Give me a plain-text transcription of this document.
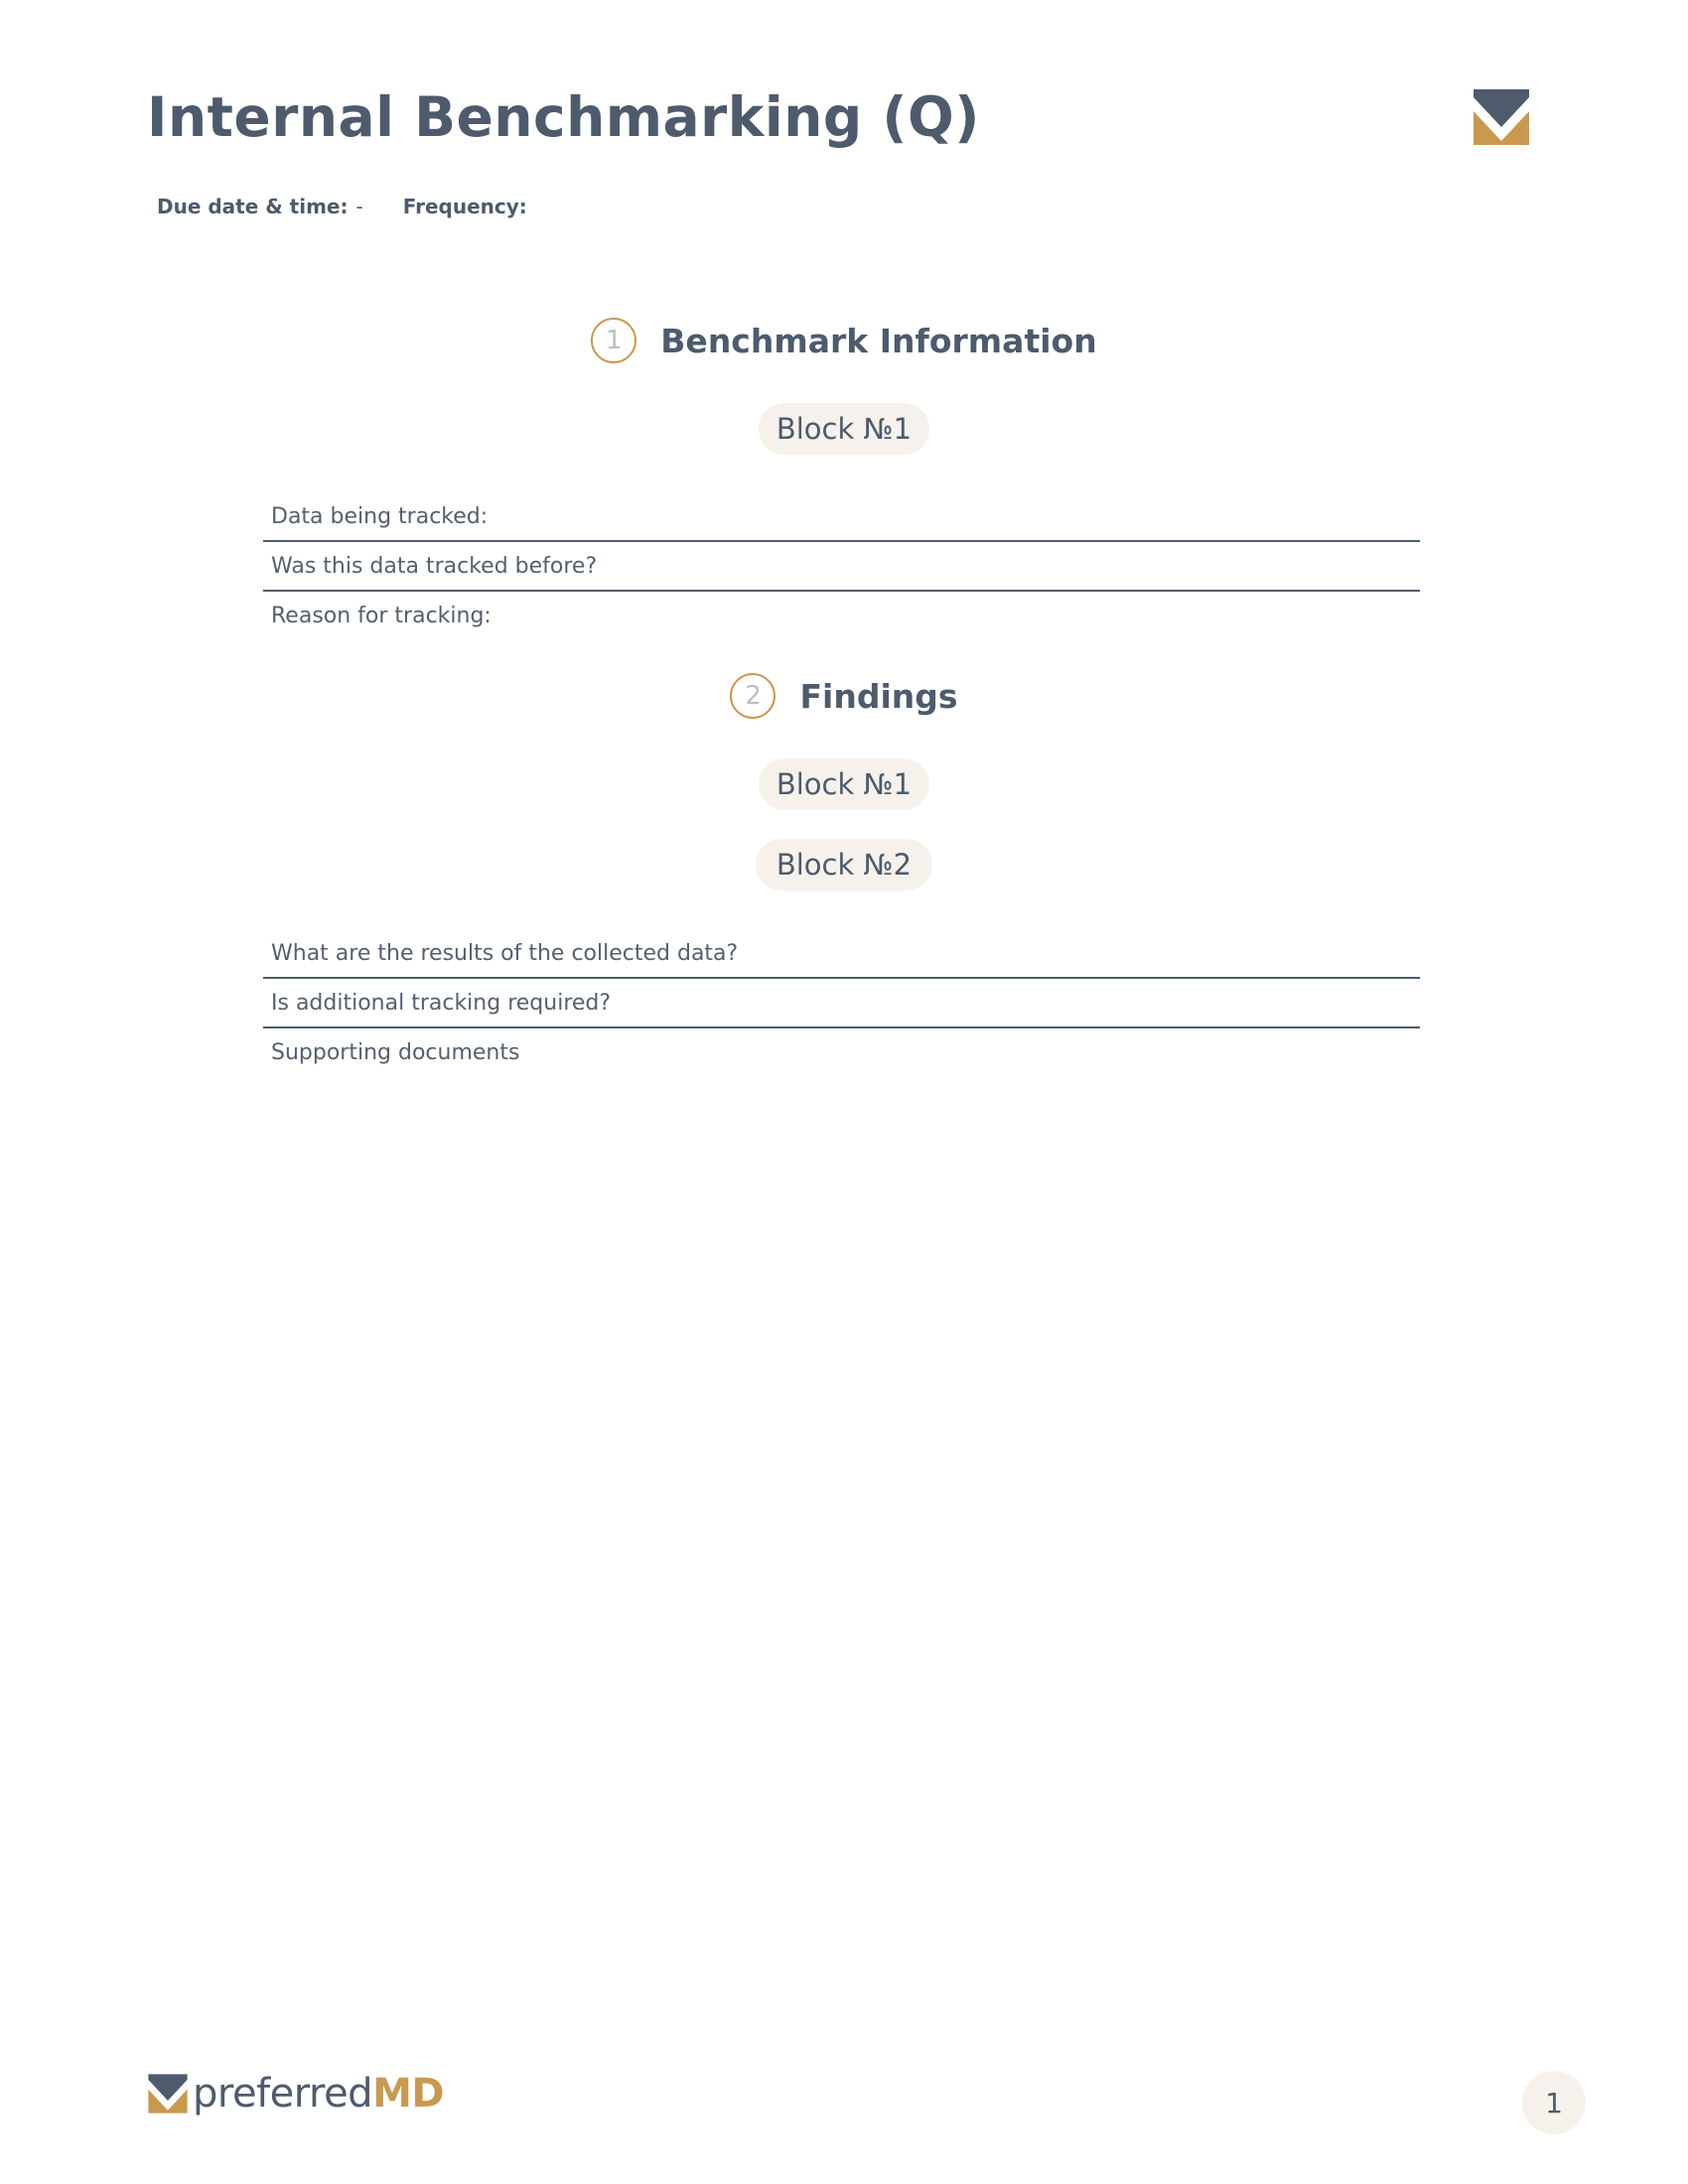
Internal Benchmarking (Q)
Due date & time: - Frequency:
1	Benchmark Information
Block №1
Data being tracked:
Was this data tracked before?
Reason for tracking:
2	Findings
Block №1
Block №2
What are the results of the collected data?
Is additional tracking required?
Supporting documents
preferredMD	1
